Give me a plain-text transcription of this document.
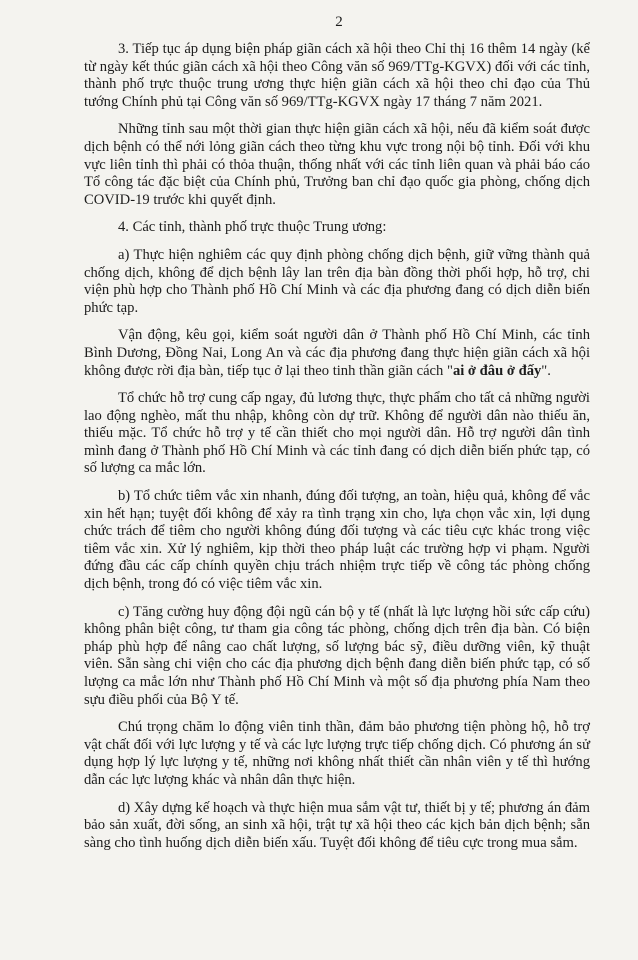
2

3. Tiếp tục áp dụng biện pháp giãn cách xã hội theo Chỉ thị 16 thêm 14 ngày (kể từ ngày kết thúc giãn cách xã hội theo Công văn số 969/TTg-KGVX) đối với các tỉnh, thành phố trực thuộc trung ương thực hiện giãn cách xã hội theo chỉ đạo của Thủ tướng Chính phủ tại Công văn số 969/TTg-KGVX ngày 17 tháng 7 năm 2021.

Những tỉnh sau một thời gian thực hiện giãn cách xã hội, nếu đã kiểm soát được dịch bệnh có thể nới lỏng giãn cách theo từng khu vực trong nội bộ tỉnh. Đối với khu vực liên tỉnh thì phải có thỏa thuận, thống nhất với các tỉnh liên quan và phải báo cáo Tổ công tác đặc biệt của Chính phủ, Trưởng ban chỉ đạo quốc gia phòng, chống dịch COVID-19 trước khi quyết định.

4. Các tỉnh, thành phố trực thuộc Trung ương:

a) Thực hiện nghiêm các quy định phòng chống dịch bệnh, giữ vững thành quả chống dịch, không để dịch bệnh lây lan trên địa bàn đồng thời phối hợp, hỗ trợ, chi viện phù hợp cho Thành phố Hồ Chí Minh và các địa phương đang có dịch diễn biến phức tạp.

Vận động, kêu gọi, kiểm soát người dân ở Thành phố Hồ Chí Minh, các tỉnh Bình Dương, Đồng Nai, Long An và các địa phương đang thực hiện giãn cách xã hội không được rời địa bàn, tiếp tục ở lại theo tinh thần giãn cách "ai ở đâu ở đấy".

Tổ chức hỗ trợ cung cấp ngay, đủ lương thực, thực phẩm cho tất cả những người lao động nghèo, mất thu nhập, không còn dự trữ. Không để người dân nào thiếu ăn, thiếu mặc. Tổ chức hỗ trợ y tế cần thiết cho mọi người dân. Hỗ trợ người dân tình mình đang ở Thành phố Hồ Chí Minh và các tỉnh đang có dịch diễn biến phức tạp, có số lượng ca mắc lớn.

b) Tổ chức tiêm vắc xin nhanh, đúng đối tượng, an toàn, hiệu quả, không để vắc xin hết hạn; tuyệt đối không để xảy ra tình trạng xin cho, lựa chọn vắc xin, lợi dụng chức trách để tiêm cho người không đúng đối tượng và các tiêu cực khác trong việc tiêm vắc xin. Xử lý nghiêm, kịp thời theo pháp luật các trường hợp vi phạm. Người đứng đầu các cấp chính quyền chịu trách nhiệm trực tiếp về công tác phòng chống dịch bệnh, trong đó có việc tiêm vắc xin.

c) Tăng cường huy động đội ngũ cán bộ y tế (nhất là lực lượng hồi sức cấp cứu) không phân biệt công, tư tham gia công tác phòng, chống dịch trên địa bàn. Có biện pháp phù hợp để nâng cao chất lượng, số lượng bác sỹ, điều dưỡng viên, kỹ thuật viên. Sẵn sàng chi viện cho các địa phương dịch bệnh đang diễn biến phức tạp, có số lượng ca mắc lớn như Thành phố Hồ Chí Minh và một số địa phương phía Nam theo sựu điều phối của Bộ Y tế.

Chú trọng chăm lo động viên tinh thần, đảm bảo phương tiện phòng hộ, hỗ trợ vật chất đối với lực lượng y tế và các lực lượng trực tiếp chống dịch. Có phương án sử dụng hợp lý lực lượng y tế, những nơi không nhất thiết cần nhân viên y tế thì hướng dẫn các lực lượng khác và nhân dân thực hiện.

d) Xây dựng kế hoạch và thực hiện mua sắm vật tư, thiết bị y tế; phương án đảm bảo sản xuất, đời sống, an sinh xã hội, trật tự xã hội theo các kịch bản dịch bệnh; sẵn sàng cho tình huống dịch diễn biến xấu. Tuyệt đối không để tiêu cực trong mua sắm.
